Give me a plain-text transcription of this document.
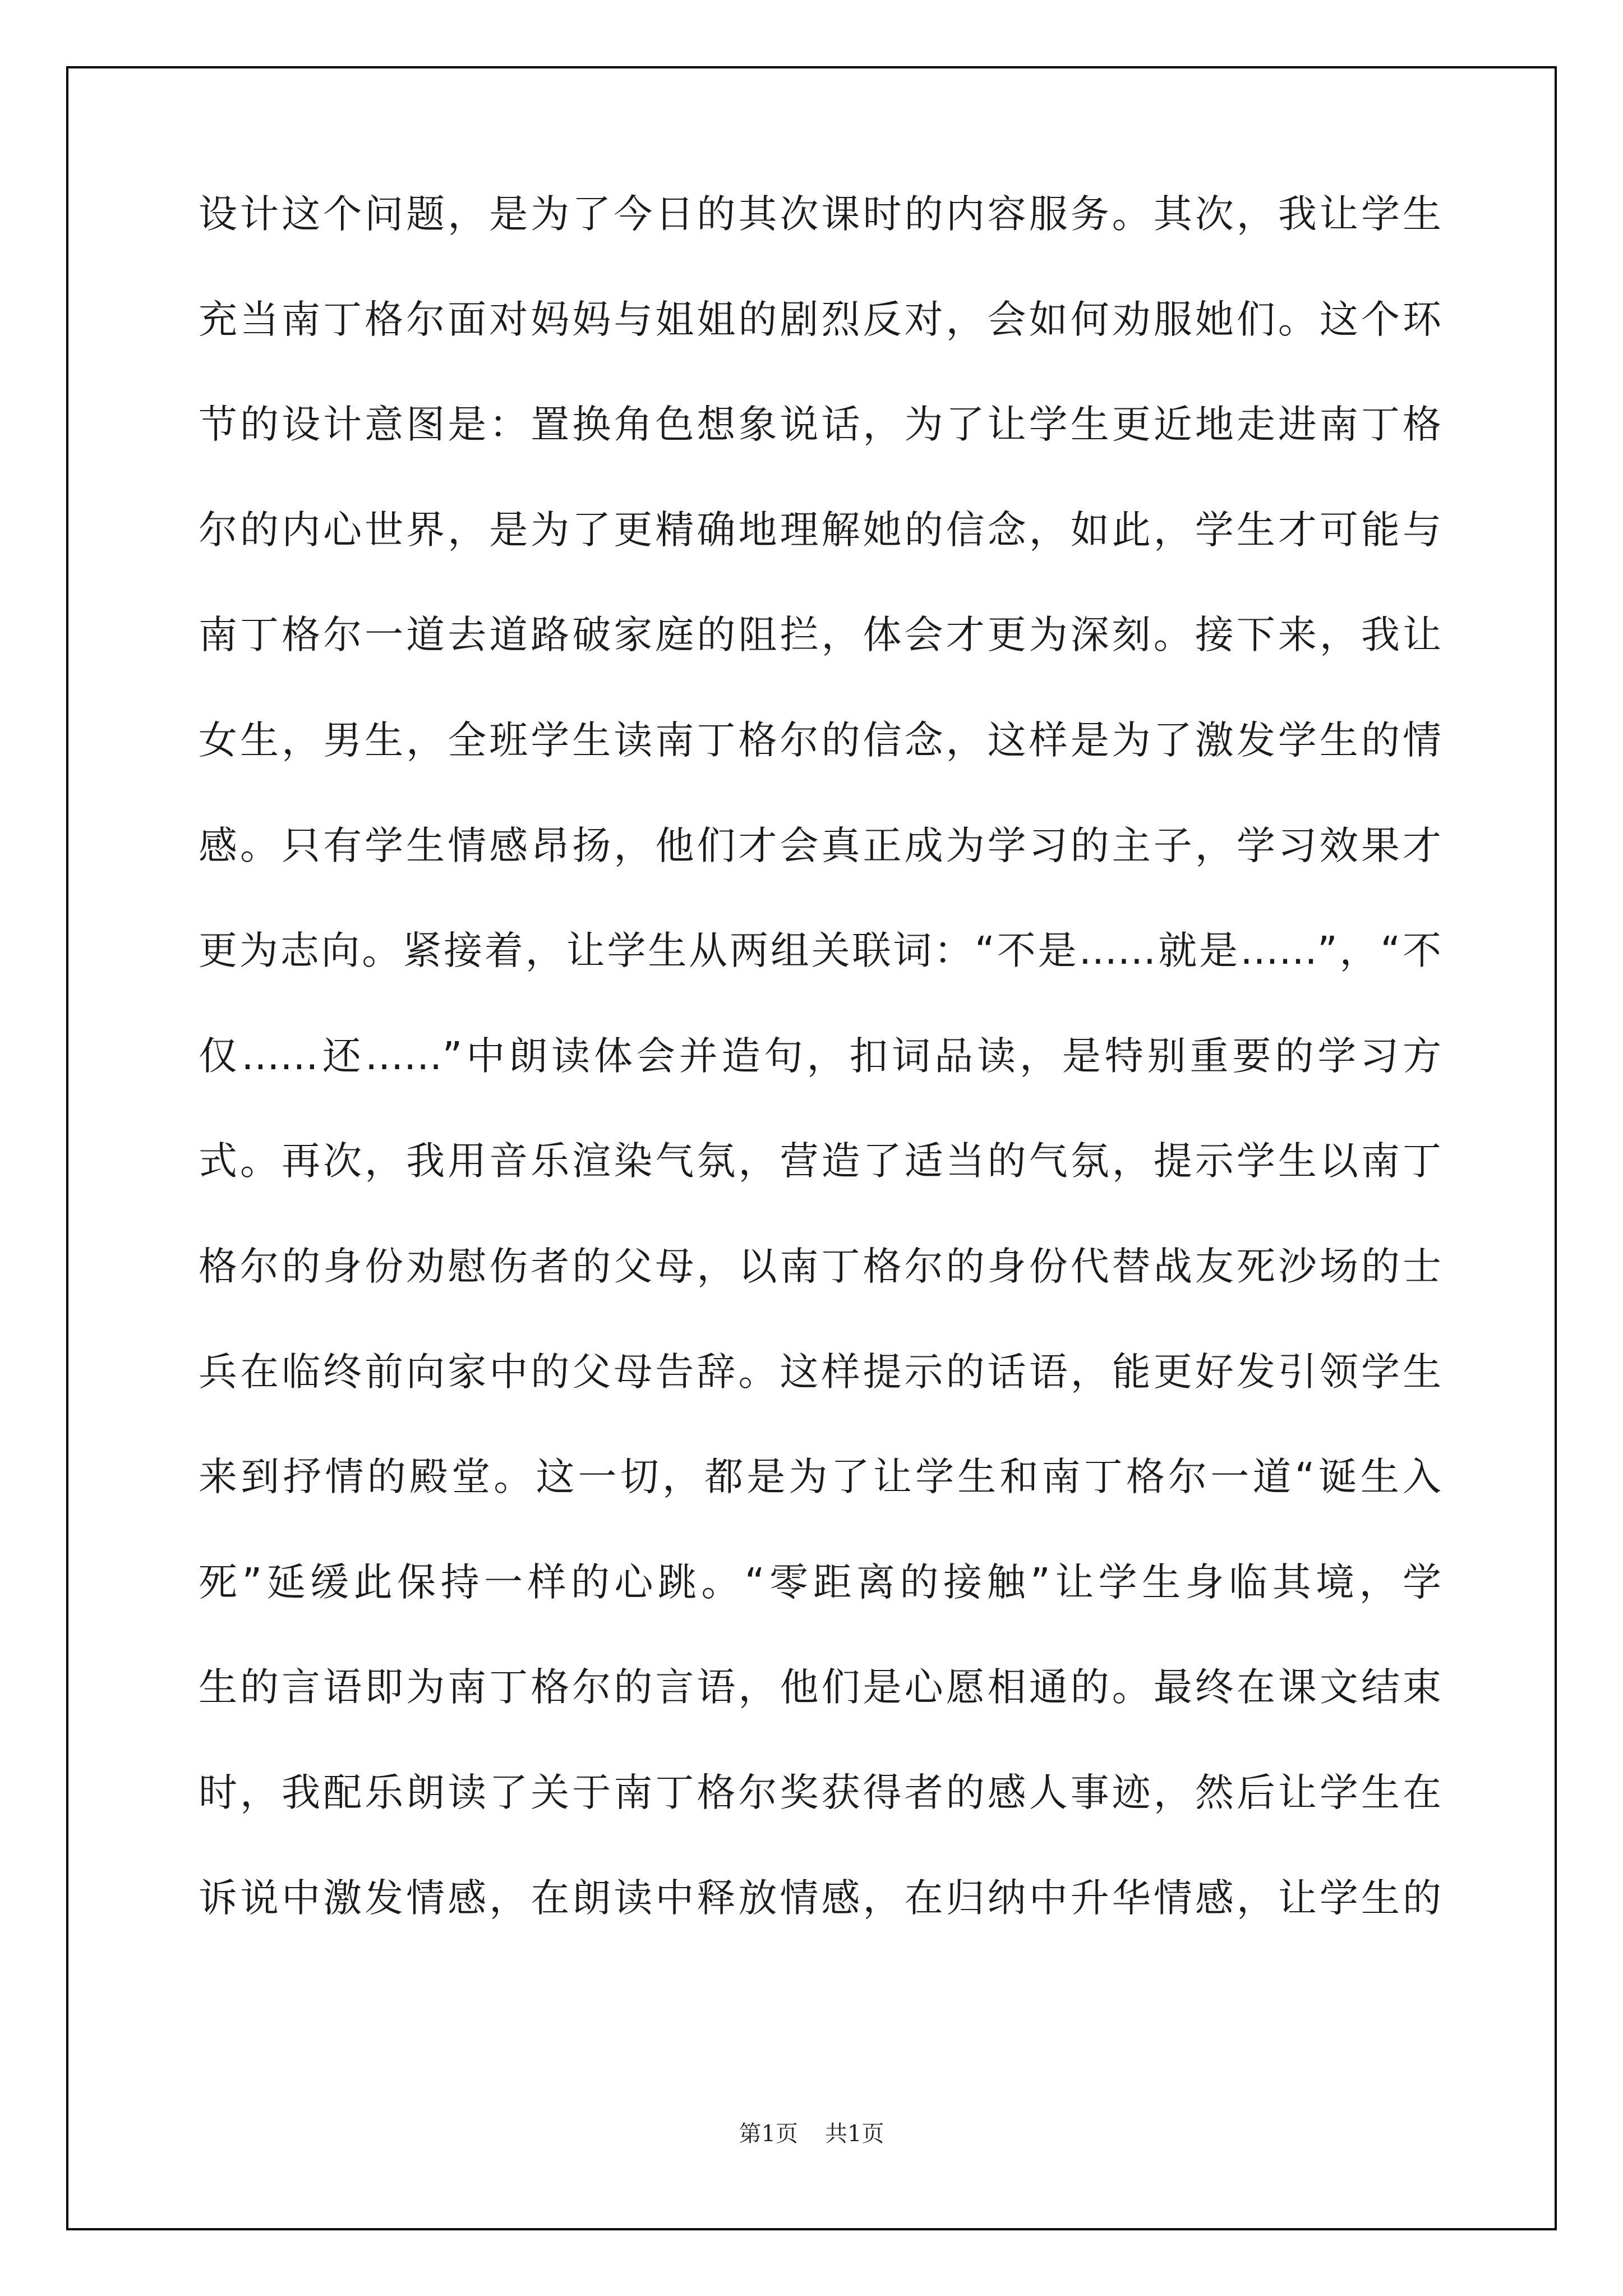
设计这个问题，是为了今日的其次课时的内容服务。其次，我让学生
充当南丁格尔面对妈妈与姐姐的剧烈反对，会如何劝服她们。这个环
节的设计意图是：置换角色想象说话，为了让学生更近地走进南丁格
尔的内心世界，是为了更精确地理解她的信念，如此，学生才可能与
南丁格尔一道去道路破家庭的阻拦，体会才更为深刻。接下来，我让
女生，男生，全班学生读南丁格尔的信念，这样是为了激发学生的情
感。只有学生情感昂扬，他们才会真正成为学习的主子，学习效果才
更为志向。紧接着，让学生从两组关联词：“不是……就是……”，“不
仅……还……”中朗读体会并造句，扣词品读，是特别重要的学习方
式。再次，我用音乐渲染气氛，营造了适当的气氛，提示学生以南丁
格尔的身份劝慰伤者的父母，以南丁格尔的身份代替战友死沙场的士
兵在临终前向家中的父母告辞。这样提示的话语，能更好发引领学生
来到抒情的殿堂。这一切，都是为了让学生和南丁格尔一道“诞生入
死”延缓此保持一样的心跳。“零距离的接触”让学生身临其境，学
生的言语即为南丁格尔的言语，他们是心愿相通的。最终在课文结束
时，我配乐朗读了关于南丁格尔奖获得者的感人事迹，然后让学生在
诉说中激发情感，在朗读中释放情感，在归纳中升华情感，让学生的
第1页 共1页
